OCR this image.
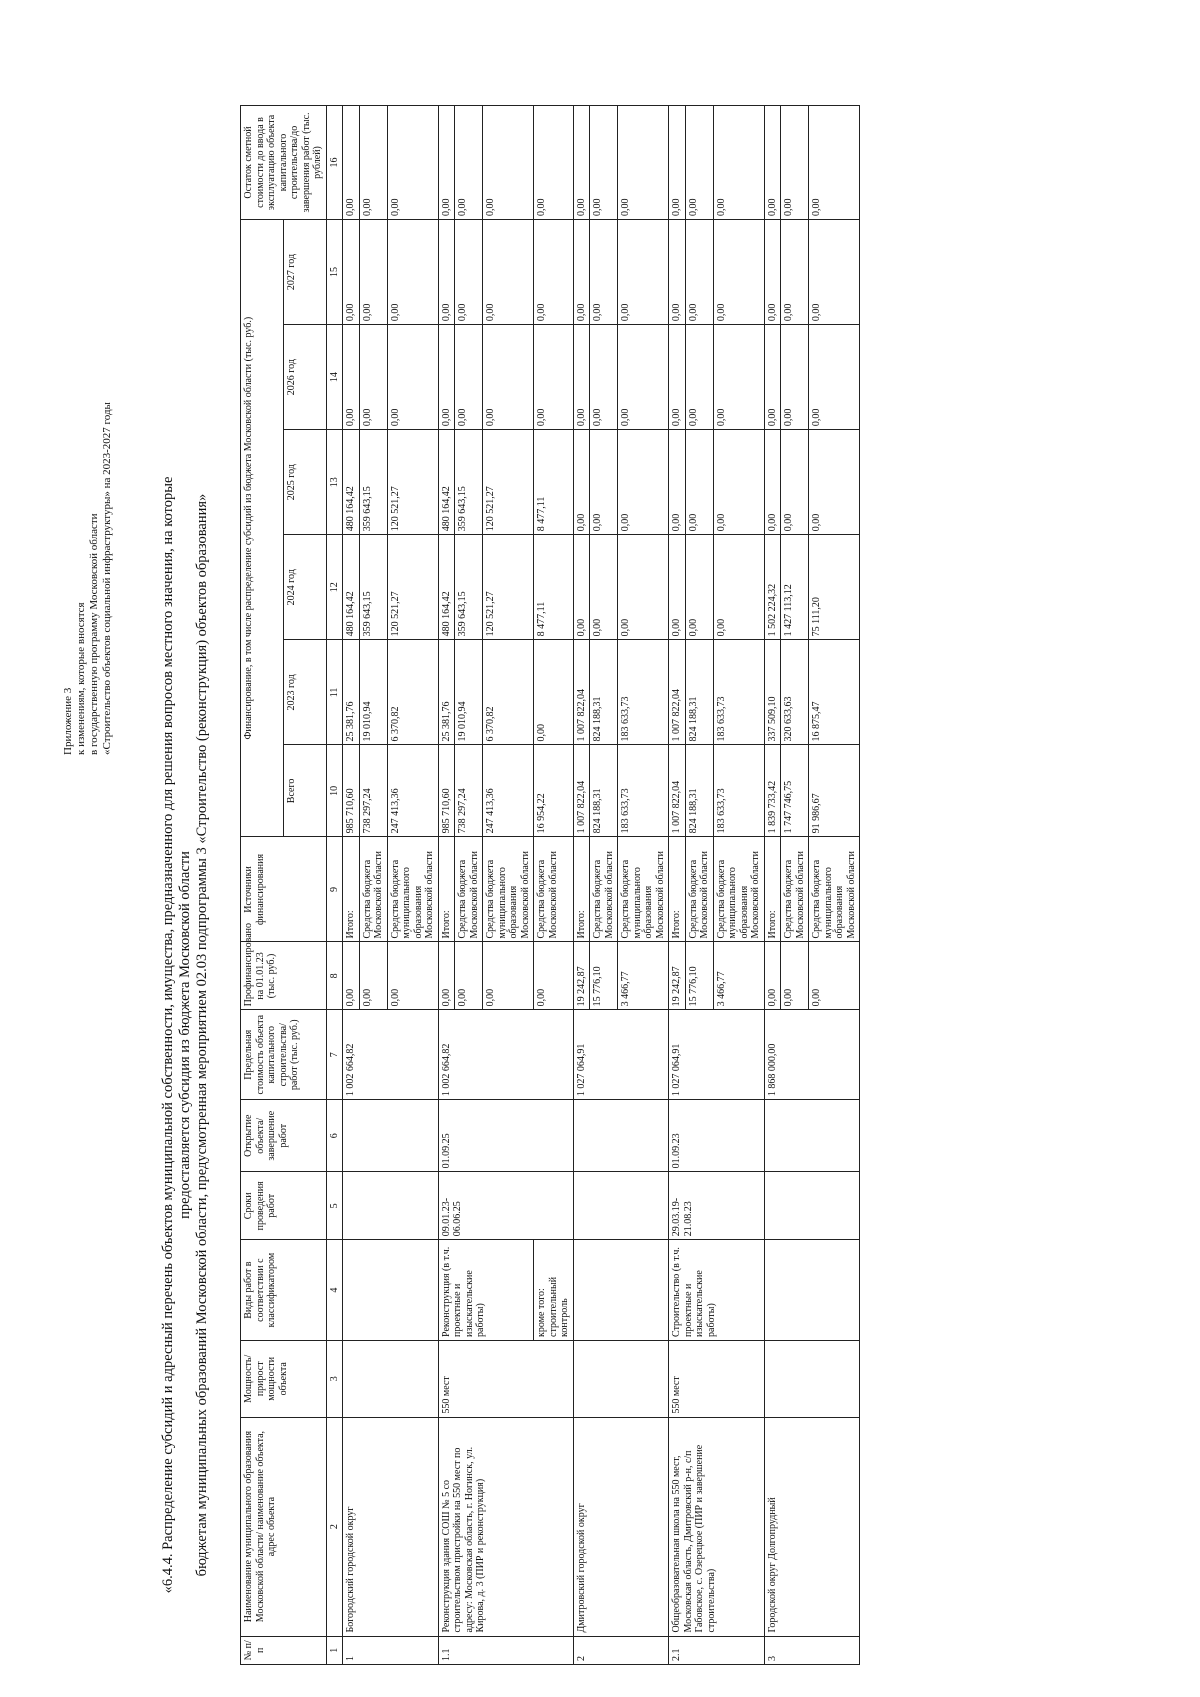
Приложение 3 к изменениям, которые вносятся в государственную программу Московской области «Строительство объектов социальной инфраструктуры» на 2023-2027 годы	«6.4.4. Распределение субсидий и адресный перечень объектов муниципальной собственности, имущества, предназначенного для решения вопросов местного значения, на которые предоставляется субсидия из бюджета Московской области бюджетам муниципальных образований Московской области, предусмотренная мероприятием 02.03 подпрограммы 3 «Строительство (реконструкция) объектов образования»
№ п/п	Наименование муниципального образования Московской области/ наименование объекта, адрес объекта	Мощность/ прирост мощности объекта	Виды работ в соответствии с классификатором	Сроки проведения работ	Открытие объекта/завершение работ	Предельная стоимость объекта капитального строительства/ работ (тыс. руб.)	Профинансировано на 01.01.23 (тыс. руб.)	Источники финансирования	Финансирование, в том числе распределение субсидий из бюджета Московской области (тыс. руб.)						Остаток сметной стоимости до ввода в эксплуатацию объекта капитального строительства/до завершения работ (тыс. рублей)
									Всего	2023 год	2024 год	2025 год	2026 год	2027 год	
1	2	3	4	5	6	7	8	9	10	11	12	13	14	15	16
1	Богородский городской округ					1 002 664,82	0,00	Итого:	985 710,60	25 381,76	480 164,42	480 164,42	0,00	0,00	0,00
							0,00	Средства бюджета Московской области	738 297,24	19 010,94	359 643,15	359 643,15	0,00	0,00	0,00
							0,00	Средства бюджета муниципального образования Московской области	247 413,36	6 370,82	120 521,27	120 521,27	0,00	0,00	0,00
1.1	Реконструкция здания СОШ № 5 со строительством пристройки на 550 мест по адресу: Московская область, г. Ногинск, ул. Кирова, д. 3 (ПИР и реконструкция)	550 мест	Реконструкция (в т.ч. проектные и изыскательские работы)	09.01.23-06.06.25	01.09.25	1 002 664,82	0,00	Итого:	985 710,60	25 381,76	480 164,42	480 164,42	0,00	0,00	0,00
							0,00	Средства бюджета Московской области	738 297,24	19 010,94	359 643,15	359 643,15	0,00	0,00	0,00
							0,00	Средства бюджета муниципального образования Московской области	247 413,36	6 370,82	120 521,27	120 521,27	0,00	0,00	0,00
			кроме того: строительный контроль				0,00	Средства бюджета Московской области	16 954,22	0,00	8 477,11	8 477,11	0,00	0,00	0,00
2	Дмитровский городской округ					1 027 064,91	19 242,87	Итого:	1 007 822,04	1 007 822,04	0,00	0,00	0,00	0,00	0,00
							15 776,10	Средства бюджета Московской области	824 188,31	824 188,31	0,00	0,00	0,00	0,00	0,00
							3 466,77	Средства бюджета муниципального образования Московской области	183 633,73	183 633,73	0,00	0,00	0,00	0,00	0,00
2.1	Общеобразовательная школа на 550 мест, Московская область, Дмитровский р-н, с/п Габовское, с. Озерецкое (ПИР и завершение строительства)	550 мест	Строительство (в т.ч. проектные и изыскательские работы)	29.03.19-21.08.23	01.09.23	1 027 064,91	19 242,87	Итого:	1 007 822,04	1 007 822,04	0,00	0,00	0,00	0,00	0,00
							15 776,10	Средства бюджета Московской области	824 188,31	824 188,31	0,00	0,00	0,00	0,00	0,00
							3 466,77	Средства бюджета муниципального образования Московской области	183 633,73	183 633,73	0,00	0,00	0,00	0,00	0,00
3	Городской округ Долгопрудный					1 868 000,00	0,00	Итого:	1 839 733,42	337 509,10	1 502 224,32	0,00	0,00	0,00	0,00
							0,00	Средства бюджета Московской области	1 747 746,75	320 633,63	1 427 113,12	0,00	0,00	0,00	0,00
							0,00	Средства бюджета муниципального образования Московской области	91 986,67	16 875,47	75 111,20	0,00	0,00	0,00	0,00
